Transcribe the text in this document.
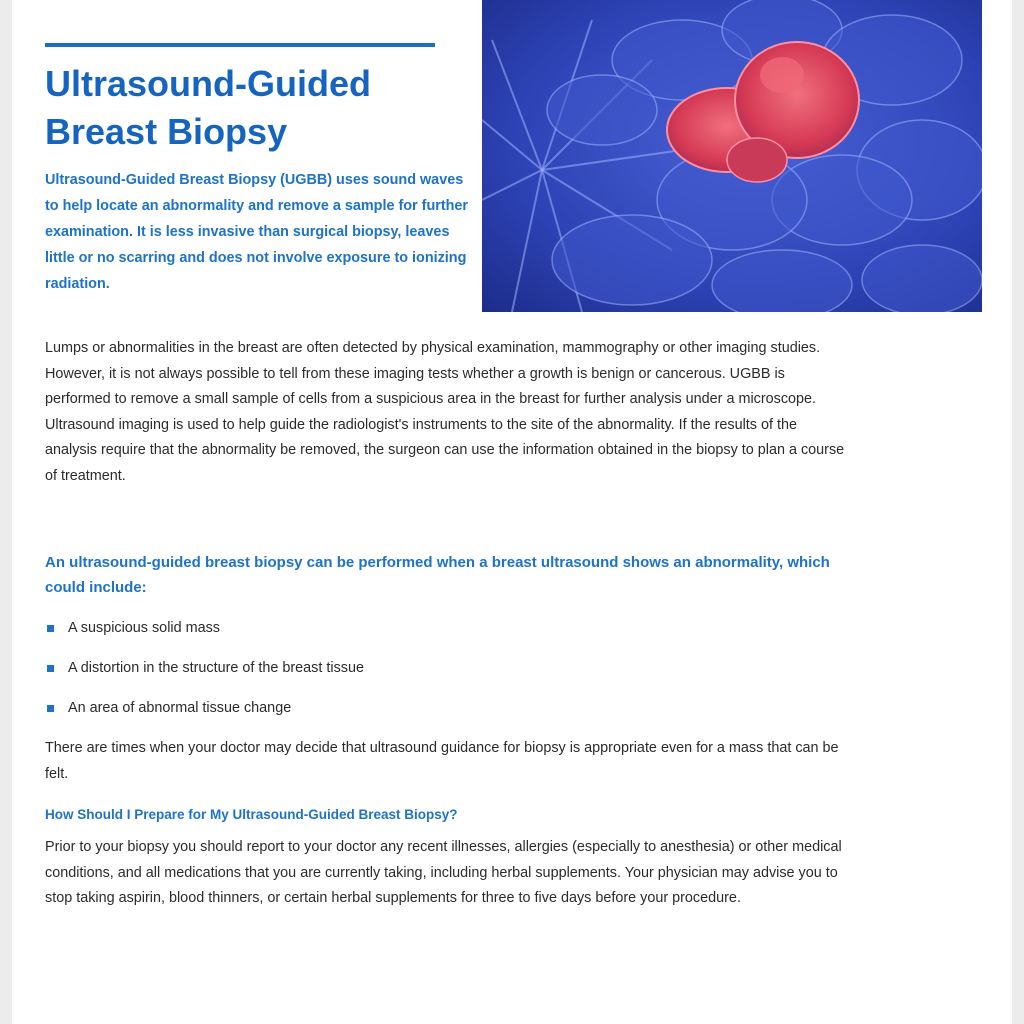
Ultrasound-Guided Breast Biopsy

Ultrasound-Guided Breast Biopsy (UGBB) uses sound waves to help locate an abnormality and remove a sample for further examination. It is less invasive than surgical biopsy, leaves little or no scarring and does not involve exposure to ionizing radiation.

Lumps or abnormalities in the breast are often detected by physical examination, mammography or other imaging studies. However, it is not always possible to tell from these imaging tests whether a growth is benign or cancerous. UGBB is performed to remove a small sample of cells from a suspicious area in the breast for further analysis under a microscope. Ultrasound imaging is used to help guide the radiologist's instruments to the site of the abnormality. If the results of the analysis require that the abnormality be removed, the surgeon can use the information obtained in the biopsy to plan a course of treatment.

An ultrasound-guided breast biopsy can be performed when a breast ultrasound shows an abnormality, which could include:

A suspicious solid mass
A distortion in the structure of the breast tissue
An area of abnormal tissue change

There are times when your doctor may decide that ultrasound guidance for biopsy is appropriate even for a mass that can be felt.

How Should I Prepare for My Ultrasound-Guided Breast Biopsy?

Prior to your biopsy you should report to your doctor any recent illnesses, allergies (especially to anesthesia) or other medical conditions, and all medications that you are currently taking, including herbal supplements. Your physician may advise you to stop taking aspirin, blood thinners, or certain herbal supplements for three to five days before your procedure.
